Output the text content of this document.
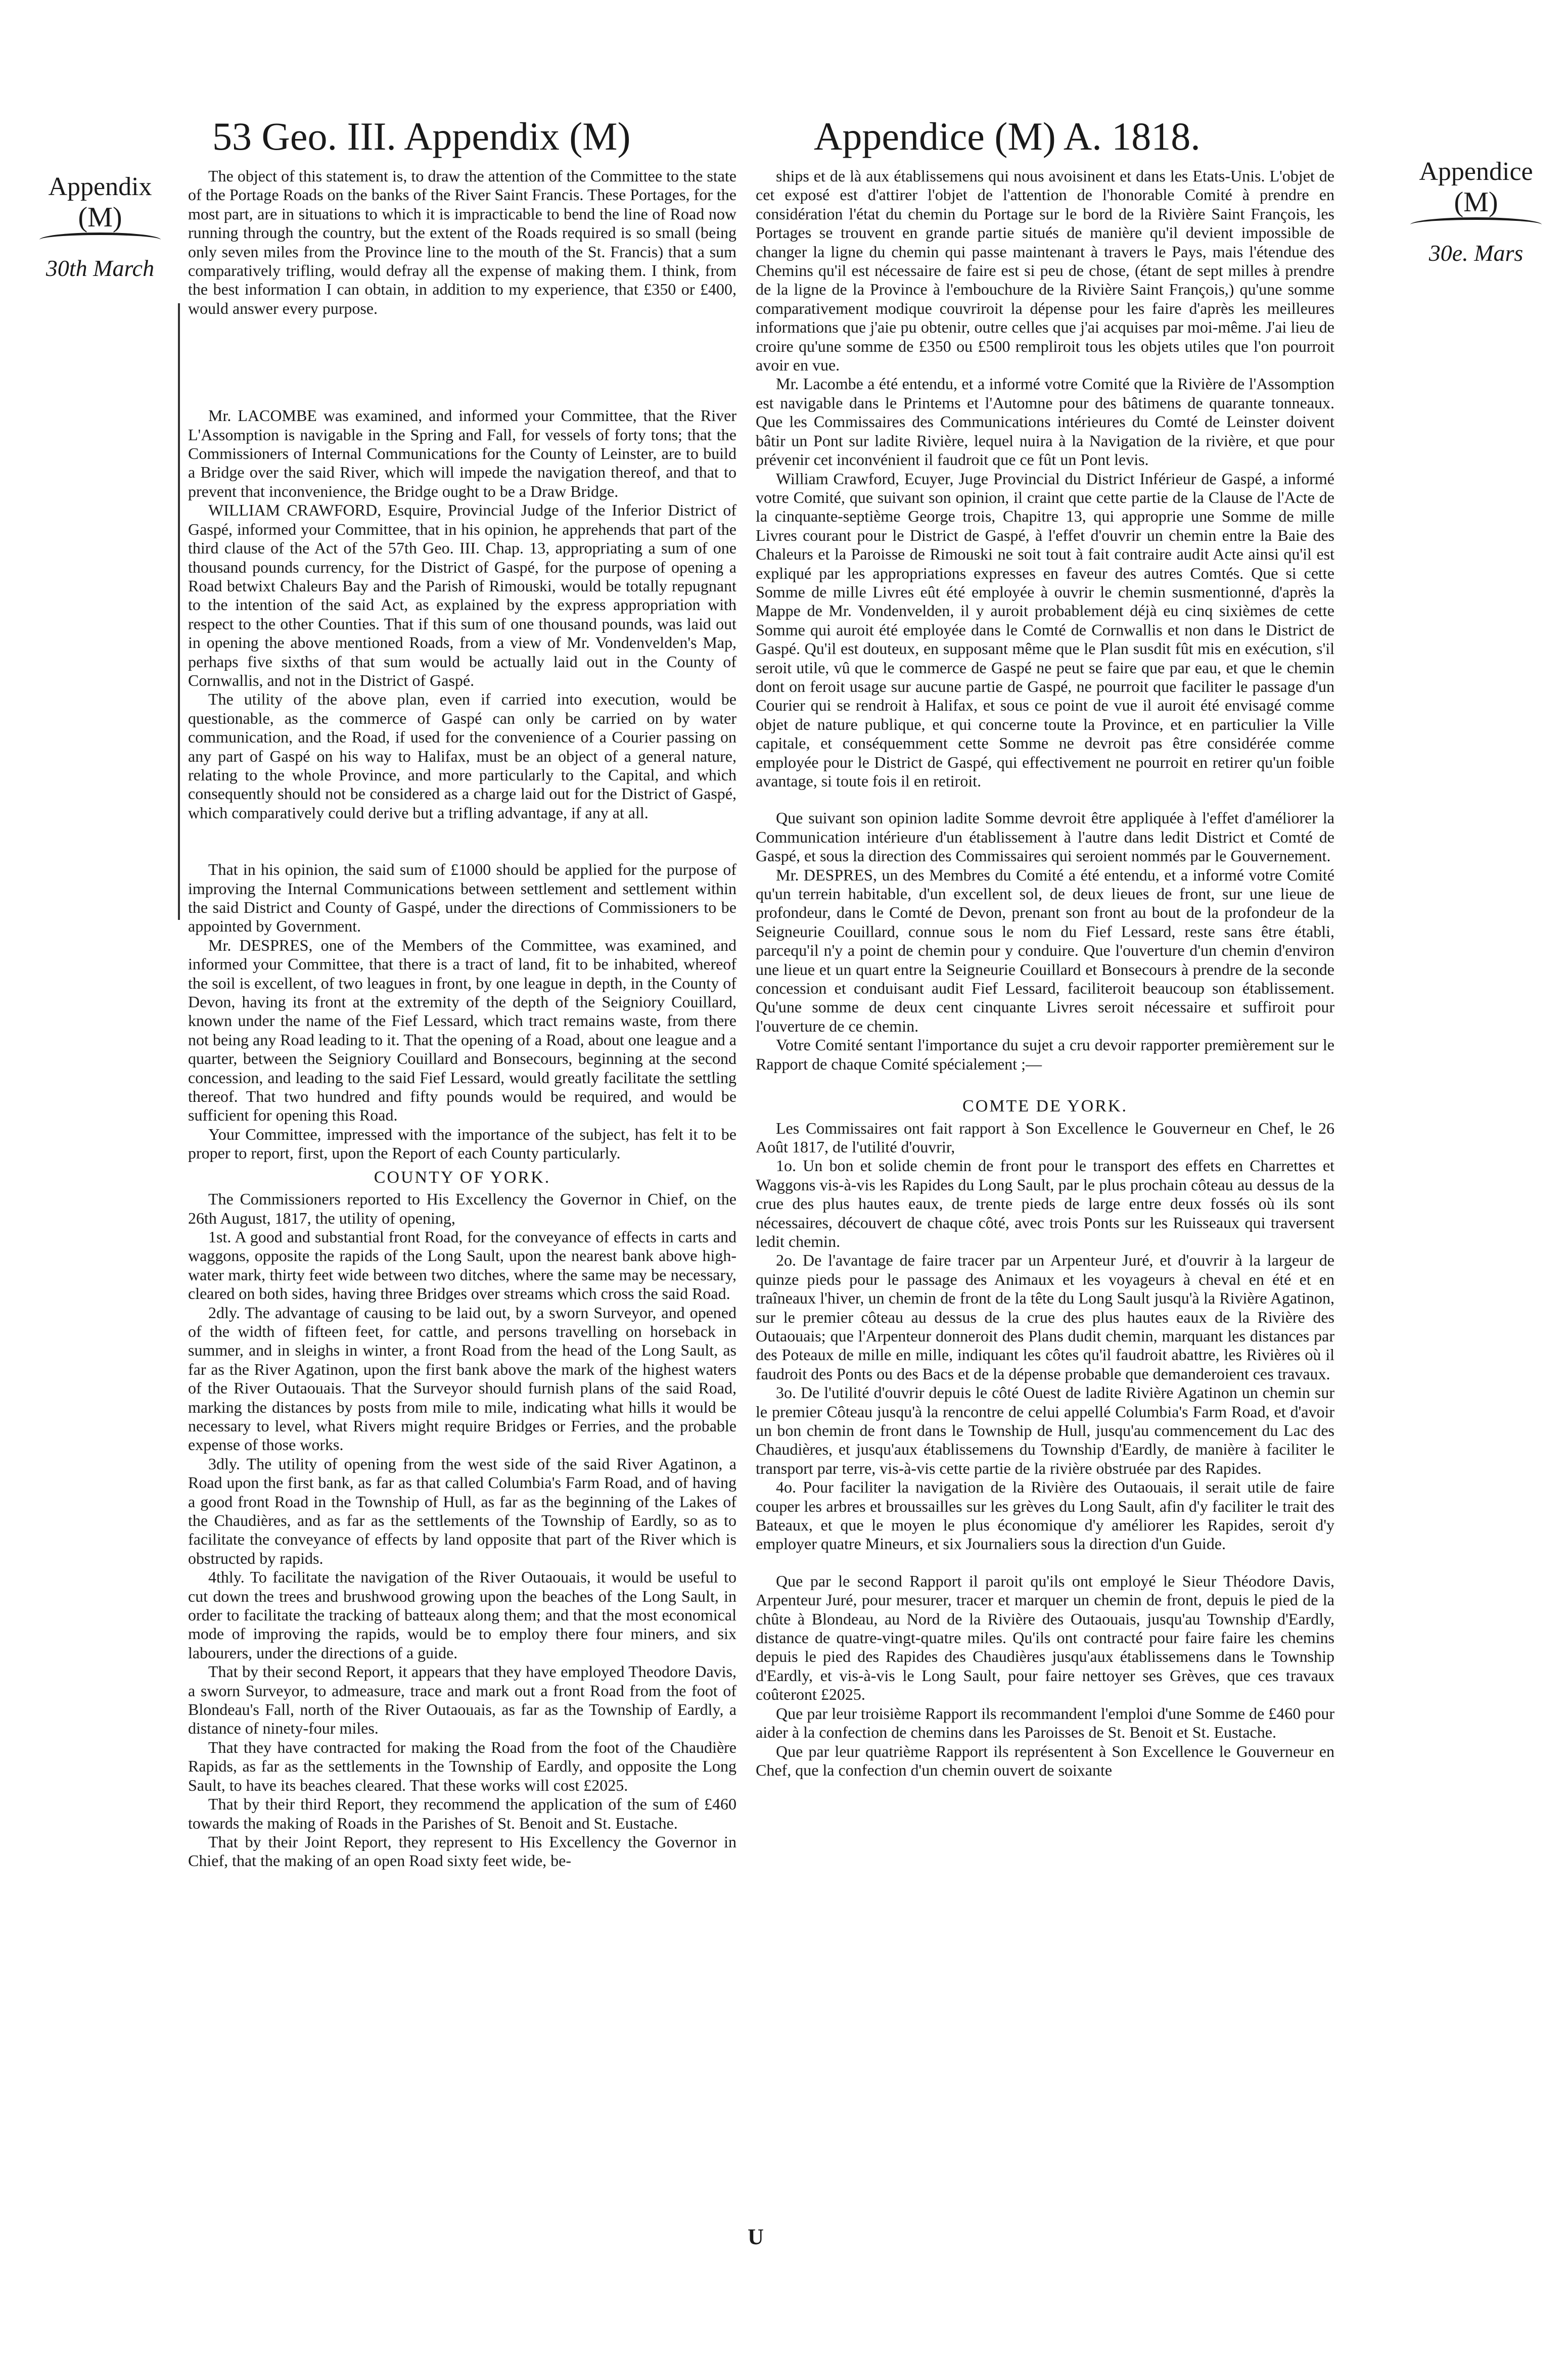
53 Geo. III. Appendix (M)	Appendice (M) A. 1818.
Appendix
(M)
30th March
Appendice
(M)
30e. Mars

The object of this statement is, to draw the attention of the Committee to the state of the Portage Roads on the banks of the River Saint Francis. These Portages, for the most part, are in situations to which it is impracticable to bend the line of Road now running through the country, but the extent of the Roads required is so small (being only seven miles from the Province line to the mouth of the St. Francis) that a sum comparatively trifling, would defray all the expense of making them. I think, from the best information I can obtain, in addition to my experience, that £350 or £400, would answer every purpose.

Mr. LACOMBE was examined, and informed your Committee, that the River L'Assomption is navigable in the Spring and Fall, for vessels of forty tons; that the Commissioners of Internal Communications for the County of Leinster, are to build a Bridge over the said River, which will impede the navigation thereof, and that to prevent that inconvenience, the Bridge ought to be a Draw Bridge.

WILLIAM CRAWFORD, Esquire, Provincial Judge of the Inferior District of Gaspé, informed your Committee, that in his opinion, he apprehends that part of the third clause of the Act of the 57th Geo. III. Chap. 13, appropriating a sum of one thousand pounds currency, for the District of Gaspé, for the purpose of opening a Road betwixt Chaleurs Bay and the Parish of Rimouski, would be totally repugnant to the intention of the said Act, as explained by the express appropriation with respect to the other Counties. That if this sum of one thousand pounds, was laid out in opening the above mentioned Roads, from a view of Mr. Vondenvelden's Map, perhaps five sixths of that sum would be actually laid out in the County of Cornwallis, and not in the District of Gaspé.

The utility of the above plan, even if carried into execution, would be questionable, as the commerce of Gaspé can only be carried on by water communication, and the Road, if used for the convenience of a Courier passing on any part of Gaspé on his way to Halifax, must be an object of a general nature, relating to the whole Province, and more particularly to the Capital, and which consequently should not be considered as a charge laid out for the District of Gaspé, which comparatively could derive but a trifling advantage, if any at all.

That in his opinion, the said sum of £1000 should be applied for the purpose of improving the Internal Communications between settlement and settlement within the said District and County of Gaspé, under the directions of Commissioners to be appointed by Government.

Mr. DESPRES, one of the Members of the Committee, was examined, and informed your Committee, that there is a tract of land, fit to be inhabited, whereof the soil is excellent, of two leagues in front, by one league in depth, in the County of Devon, having its front at the extremity of the depth of the Seigniory Couillard, known under the name of the Fief Lessard, which tract remains waste, from there not being any Road leading to it. That the opening of a Road, about one league and a quarter, between the Seigniory Couillard and Bonsecours, beginning at the second concession, and leading to the said Fief Lessard, would greatly facilitate the settling thereof. That two hundred and fifty pounds would be required, and would be sufficient for opening this Road.

Your Committee, impressed with the importance of the subject, has felt it to be proper to report, first, upon the Report of each County particularly.

COUNTY OF YORK.

The Commissioners reported to His Excellency the Governor in Chief, on the 26th August, 1817, the utility of opening,

1st. A good and substantial front Road, for the conveyance of effects in carts and waggons, opposite the rapids of the Long Sault, upon the nearest bank above high-water mark, thirty feet wide between two ditches, where the same may be necessary, cleared on both sides, having three Bridges over streams which cross the said Road.

2dly. The advantage of causing to be laid out, by a sworn Surveyor, and opened of the width of fifteen feet, for cattle, and persons travelling on horseback in summer, and in sleighs in winter, a front Road from the head of the Long Sault, as far as the River Agatinon, upon the first bank above the mark of the highest waters of the River Outaouais. That the Surveyor should furnish plans of the said Road, marking the distances by posts from mile to mile, indicating what hills it would be necessary to level, what Rivers might require Bridges or Ferries, and the probable expense of those works.

3dly. The utility of opening from the west side of the said River Agatinon, a Road upon the first bank, as far as that called Columbia's Farm Road, and of having a good front Road in the Township of Hull, as far as the beginning of the Lakes of the Chaudières, and as far as the settlements of the Township of Eardly, so as to facilitate the conveyance of effects by land opposite that part of the River which is obstructed by rapids.

4thly. To facilitate the navigation of the River Outaouais, it would be useful to cut down the trees and brushwood growing upon the beaches of the Long Sault, in order to facilitate the tracking of batteaux along them; and that the most economical mode of improving the rapids, would be to employ there four miners, and six labourers, under the directions of a guide.

That by their second Report, it appears that they have employed Theodore Davis, a sworn Surveyor, to admeasure, trace and mark out a front Road from the foot of Blondeau's Fall, north of the River Outaouais, as far as the Township of Eardly, a distance of ninety-four miles.

That they have contracted for making the Road from the foot of the Chaudière Rapids, as far as the settlements in the Township of Eardly, and opposite the Long Sault, to have its beaches cleared. That these works will cost £2025.

That by their third Report, they recommend the application of the sum of £460 towards the making of Roads in the Parishes of St. Benoit and St. Eustache.

That by their Joint Report, they represent to His Excellency the Governor in Chief, that the making of an open Road sixty feet wide, be-

ships et de là aux établissemens qui nous avoisinent et dans les Etats-Unis. L'objet de cet exposé est d'attirer l'objet de l'attention de l'honorable Comité à prendre en considération l'état du chemin du Portage sur le bord de la Rivière Saint François, les Portages se trouvent en grande partie situés de manière qu'il devient impossible de changer la ligne du chemin qui passe maintenant à travers le Pays, mais l'étendue des Chemins qu'il est nécessaire de faire est si peu de chose, (étant de sept milles à prendre de la ligne de la Province à l'embouchure de la Rivière Saint François,) qu'une somme comparativement modique couvriroit la dépense pour les faire d'après les meilleures informations que j'aie pu obtenir, outre celles que j'ai acquises par moi-même. J'ai lieu de croire qu'une somme de £350 ou £500 rempliroit tous les objets utiles que l'on pourroit avoir en vue.

Mr. Lacombe a été entendu, et a informé votre Comité que la Rivière de l'Assomption est navigable dans le Printems et l'Automne pour des bâtimens de quarante tonneaux. Que les Commissaires des Communications intérieures du Comté de Leinster doivent bâtir un Pont sur ladite Rivière, lequel nuira à la Navigation de la rivière, et que pour prévenir cet inconvénient il faudroit que ce fût un Pont levis.

William Crawford, Ecuyer, Juge Provincial du District Inférieur de Gaspé, a informé votre Comité, que suivant son opinion, il craint que cette partie de la Clause de l'Acte de la cinquante-septième George trois, Chapitre 13, qui approprie une Somme de mille Livres courant pour le District de Gaspé, à l'effet d'ouvrir un chemin entre la Baie des Chaleurs et la Paroisse de Rimouski ne soit tout à fait contraire audit Acte ainsi qu'il est expliqué par les appropriations expresses en faveur des autres Comtés. Que si cette Somme de mille Livres eût été employée à ouvrir le chemin susmentionné, d'après la Mappe de Mr. Vondenvelden, il y auroit probablement déjà eu cinq sixièmes de cette Somme qui auroit été employée dans le Comté de Cornwallis et non dans le District de Gaspé. Qu'il est douteux, en supposant même que le Plan susdit fût mis en exécution, s'il seroit utile, vû que le commerce de Gaspé ne peut se faire que par eau, et que le chemin dont on feroit usage sur aucune partie de Gaspé, ne pourroit que faciliter le passage d'un Courier qui se rendroit à Halifax, et sous ce point de vue il auroit été envisagé comme objet de nature publique, et qui concerne toute la Province, et en particulier la Ville capitale, et conséquemment cette Somme ne devroit pas être considérée comme employée pour le District de Gaspé, qui effectivement ne pourroit en retirer qu'un foible avantage, si toute fois il en retiroit.

Que suivant son opinion ladite Somme devroit être appliquée à l'effet d'améliorer la Communication intérieure d'un établissement à l'autre dans ledit District et Comté de Gaspé, et sous la direction des Commissaires qui seroient nommés par le Gouvernement.

Mr. DESPRES, un des Membres du Comité a été entendu, et a informé votre Comité qu'un terrein habitable, d'un excellent sol, de deux lieues de front, sur une lieue de profondeur, dans le Comté de Devon, prenant son front au bout de la profondeur de la Seigneurie Couillard, connue sous le nom du Fief Lessard, reste sans être établi, parcequ'il n'y a point de chemin pour y conduire. Que l'ouverture d'un chemin d'environ une lieue et un quart entre la Seigneurie Couillard et Bonsecours à prendre de la seconde concession et conduisant audit Fief Lessard, faciliteroit beaucoup son établissement. Qu'une somme de deux cent cinquante Livres seroit nécessaire et suffiroit pour l'ouverture de ce chemin.

Votre Comité sentant l'importance du sujet a cru devoir rapporter premièrement sur le Rapport de chaque Comité spécialement ;—

COMTE DE YORK.

Les Commissaires ont fait rapport à Son Excellence le Gouverneur en Chef, le 26 Août 1817, de l'utilité d'ouvrir,

1o. Un bon et solide chemin de front pour le transport des effets en Charrettes et Waggons vis-à-vis les Rapides du Long Sault, par le plus prochain côteau au dessus de la crue des plus hautes eaux, de trente pieds de large entre deux fossés où ils sont nécessaires, découvert de chaque côté, avec trois Ponts sur les Ruisseaux qui traversent ledit chemin.

2o. De l'avantage de faire tracer par un Arpenteur Juré, et d'ouvrir à la largeur de quinze pieds pour le passage des Animaux et les voyageurs à cheval en été et en traîneaux l'hiver, un chemin de front de la tête du Long Sault jusqu'à la Rivière Agatinon, sur le premier côteau au dessus de la crue des plus hautes eaux de la Rivière des Outaouais; que l'Arpenteur donneroit des Plans dudit chemin, marquant les distances par des Poteaux de mille en mille, indiquant les côtes qu'il faudroit abattre, les Rivières où il faudroit des Ponts ou des Bacs et de la dépense probable que demanderoient ces travaux.

3o. De l'utilité d'ouvrir depuis le côté Ouest de ladite Rivière Agatinon un chemin sur le premier Côteau jusqu'à la rencontre de celui appellé Columbia's Farm Road, et d'avoir un bon chemin de front dans le Township de Hull, jusqu'au commencement du Lac des Chaudières, et jusqu'aux établissemens du Township d'Eardly, de manière à faciliter le transport par terre, vis-à-vis cette partie de la rivière obstruée par des Rapides.

4o. Pour faciliter la navigation de la Rivière des Outaouais, il serait utile de faire couper les arbres et broussailles sur les grèves du Long Sault, afin d'y faciliter le trait des Bateaux, et que le moyen le plus économique d'y améliorer les Rapides, seroit d'y employer quatre Mineurs, et six Journaliers sous la direction d'un Guide.

Que par le second Rapport il paroit qu'ils ont employé le Sieur Théodore Davis, Arpenteur Juré, pour mesurer, tracer et marquer un chemin de front, depuis le pied de la chûte à Blondeau, au Nord de la Rivière des Outaouais, jusqu'au Township d'Eardly, distance de quatre-vingt-quatre miles. Qu'ils ont contracté pour faire faire les chemins depuis le pied des Rapides des Chaudières jusqu'aux établissemens dans le Township d'Eardly, et vis-à-vis le Long Sault, pour faire nettoyer ses Grèves, que ces travaux coûteront £2025.

Que par leur troisième Rapport ils recommandent l'emploi d'une Somme de £460 pour aider à la confection de chemins dans les Paroisses de St. Benoit et St. Eustache.

Que par leur quatrième Rapport ils représentent à Son Excellence le Gouverneur en Chef, que la confection d'un chemin ouvert de soixante

U
